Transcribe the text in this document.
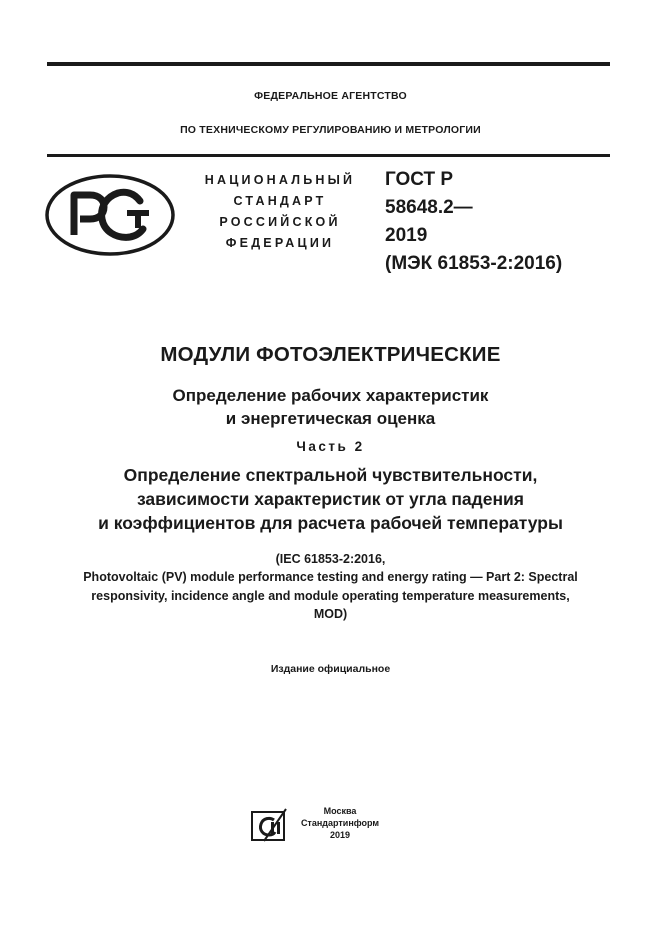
ФЕДЕРАЛЬНОЕ АГЕНТСТВО
ПО ТЕХНИЧЕСКОМУ РЕГУЛИРОВАНИЮ И МЕТРОЛОГИИ
НАЦИОНАЛЬНЫЙ
СТАНДАРТ
РОССИЙСКОЙ
ФЕДЕРАЦИИ
ГОСТ Р
58648.2—
2019
(МЭК 61853-2:2016)
МОДУЛИ ФОТОЭЛЕКТРИЧЕСКИЕ
Определение рабочих характеристик
и энергетическая оценка
Часть 2
Определение спектральной чувствительности,
зависимости характеристик от угла падения
и коэффициентов для расчета рабочей температуры
(IEC 61853-2:2016,
Photovoltaic (PV) module performance testing and energy rating — Part 2: Spectral
responsivity, incidence angle and module operating temperature measurements,
MOD)
Издание официальное
Москва
Стандартинформ
2019
